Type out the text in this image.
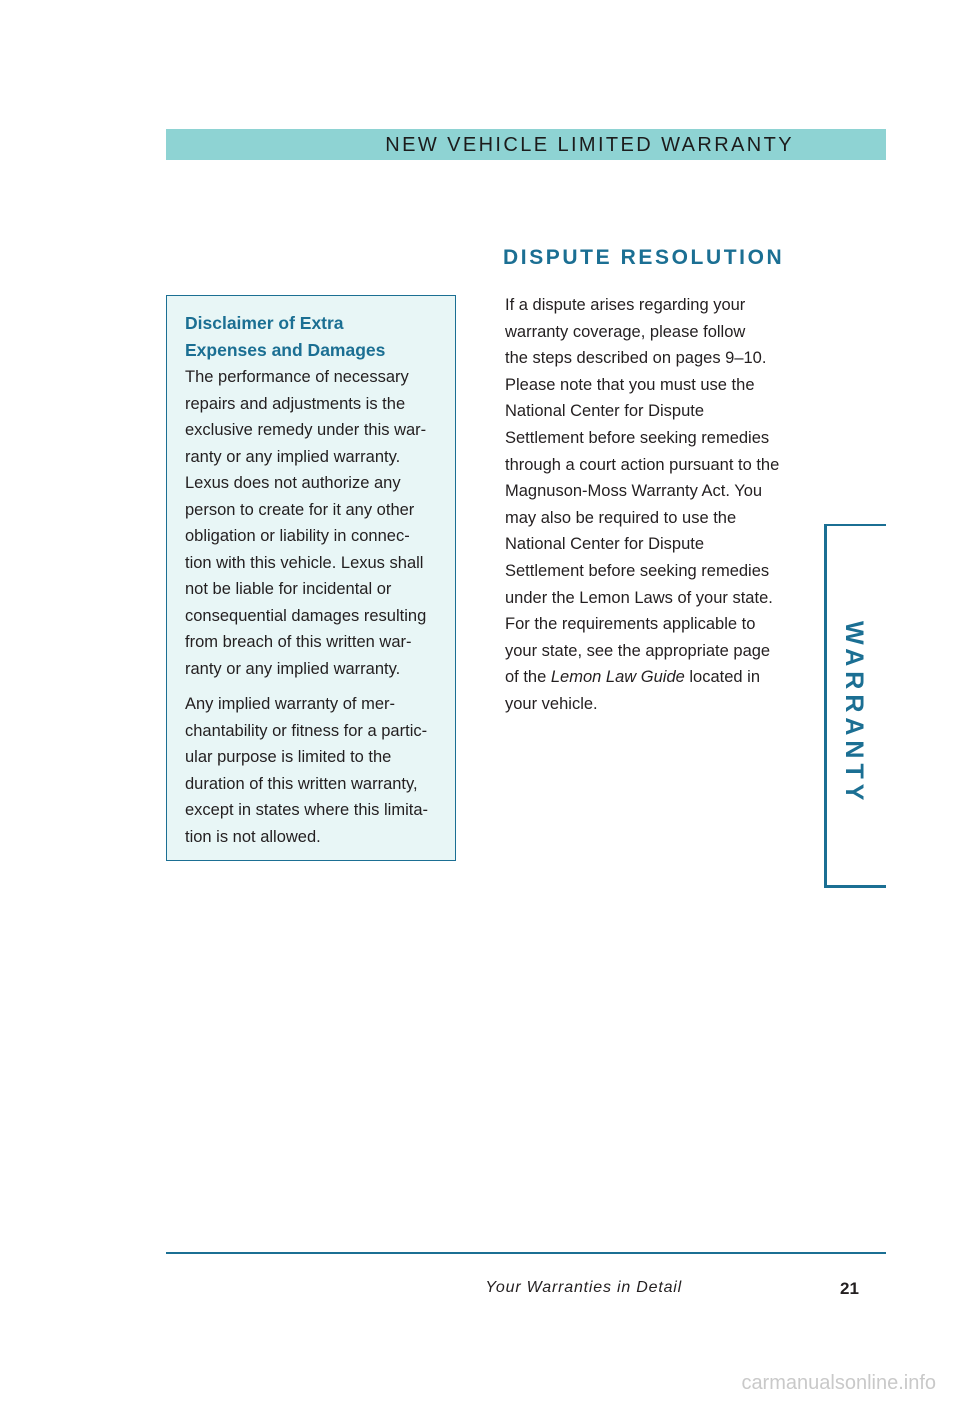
NEW VEHICLE LIMITED WARRANTY
DISPUTE RESOLUTION
Disclaimer of Extra
Expenses and Damages

The performance of necessary
repairs and adjustments is the
exclusive remedy under this war-
ranty or any implied warranty.
Lexus does not authorize any
person to create for it any other
obligation or liability in connec-
tion with this vehicle. Lexus shall
not be liable for incidental or
consequential damages resulting
from breach of this written war-
ranty or any implied warranty.

Any implied warranty of mer-
chantability or fitness for a partic-
ular purpose is limited to the
duration of this written warranty,
except in states where this limita-
tion is not allowed.

If a dispute arises regarding your
warranty coverage, please follow
the steps described on pages 9–10.
Please note that you must use the
National Center for Dispute
Settlement before seeking remedies
through a court action pursuant to the
Magnuson-Moss Warranty Act. You
may also be required to use the
National Center for Dispute
Settlement before seeking remedies
under the Lemon Laws of your state.
For the requirements applicable to
your state, see the appropriate page
of the Lemon Law Guide located in
your vehicle.	WARRANTY
Your Warranties in Detail	21
carmanualsonline.info
